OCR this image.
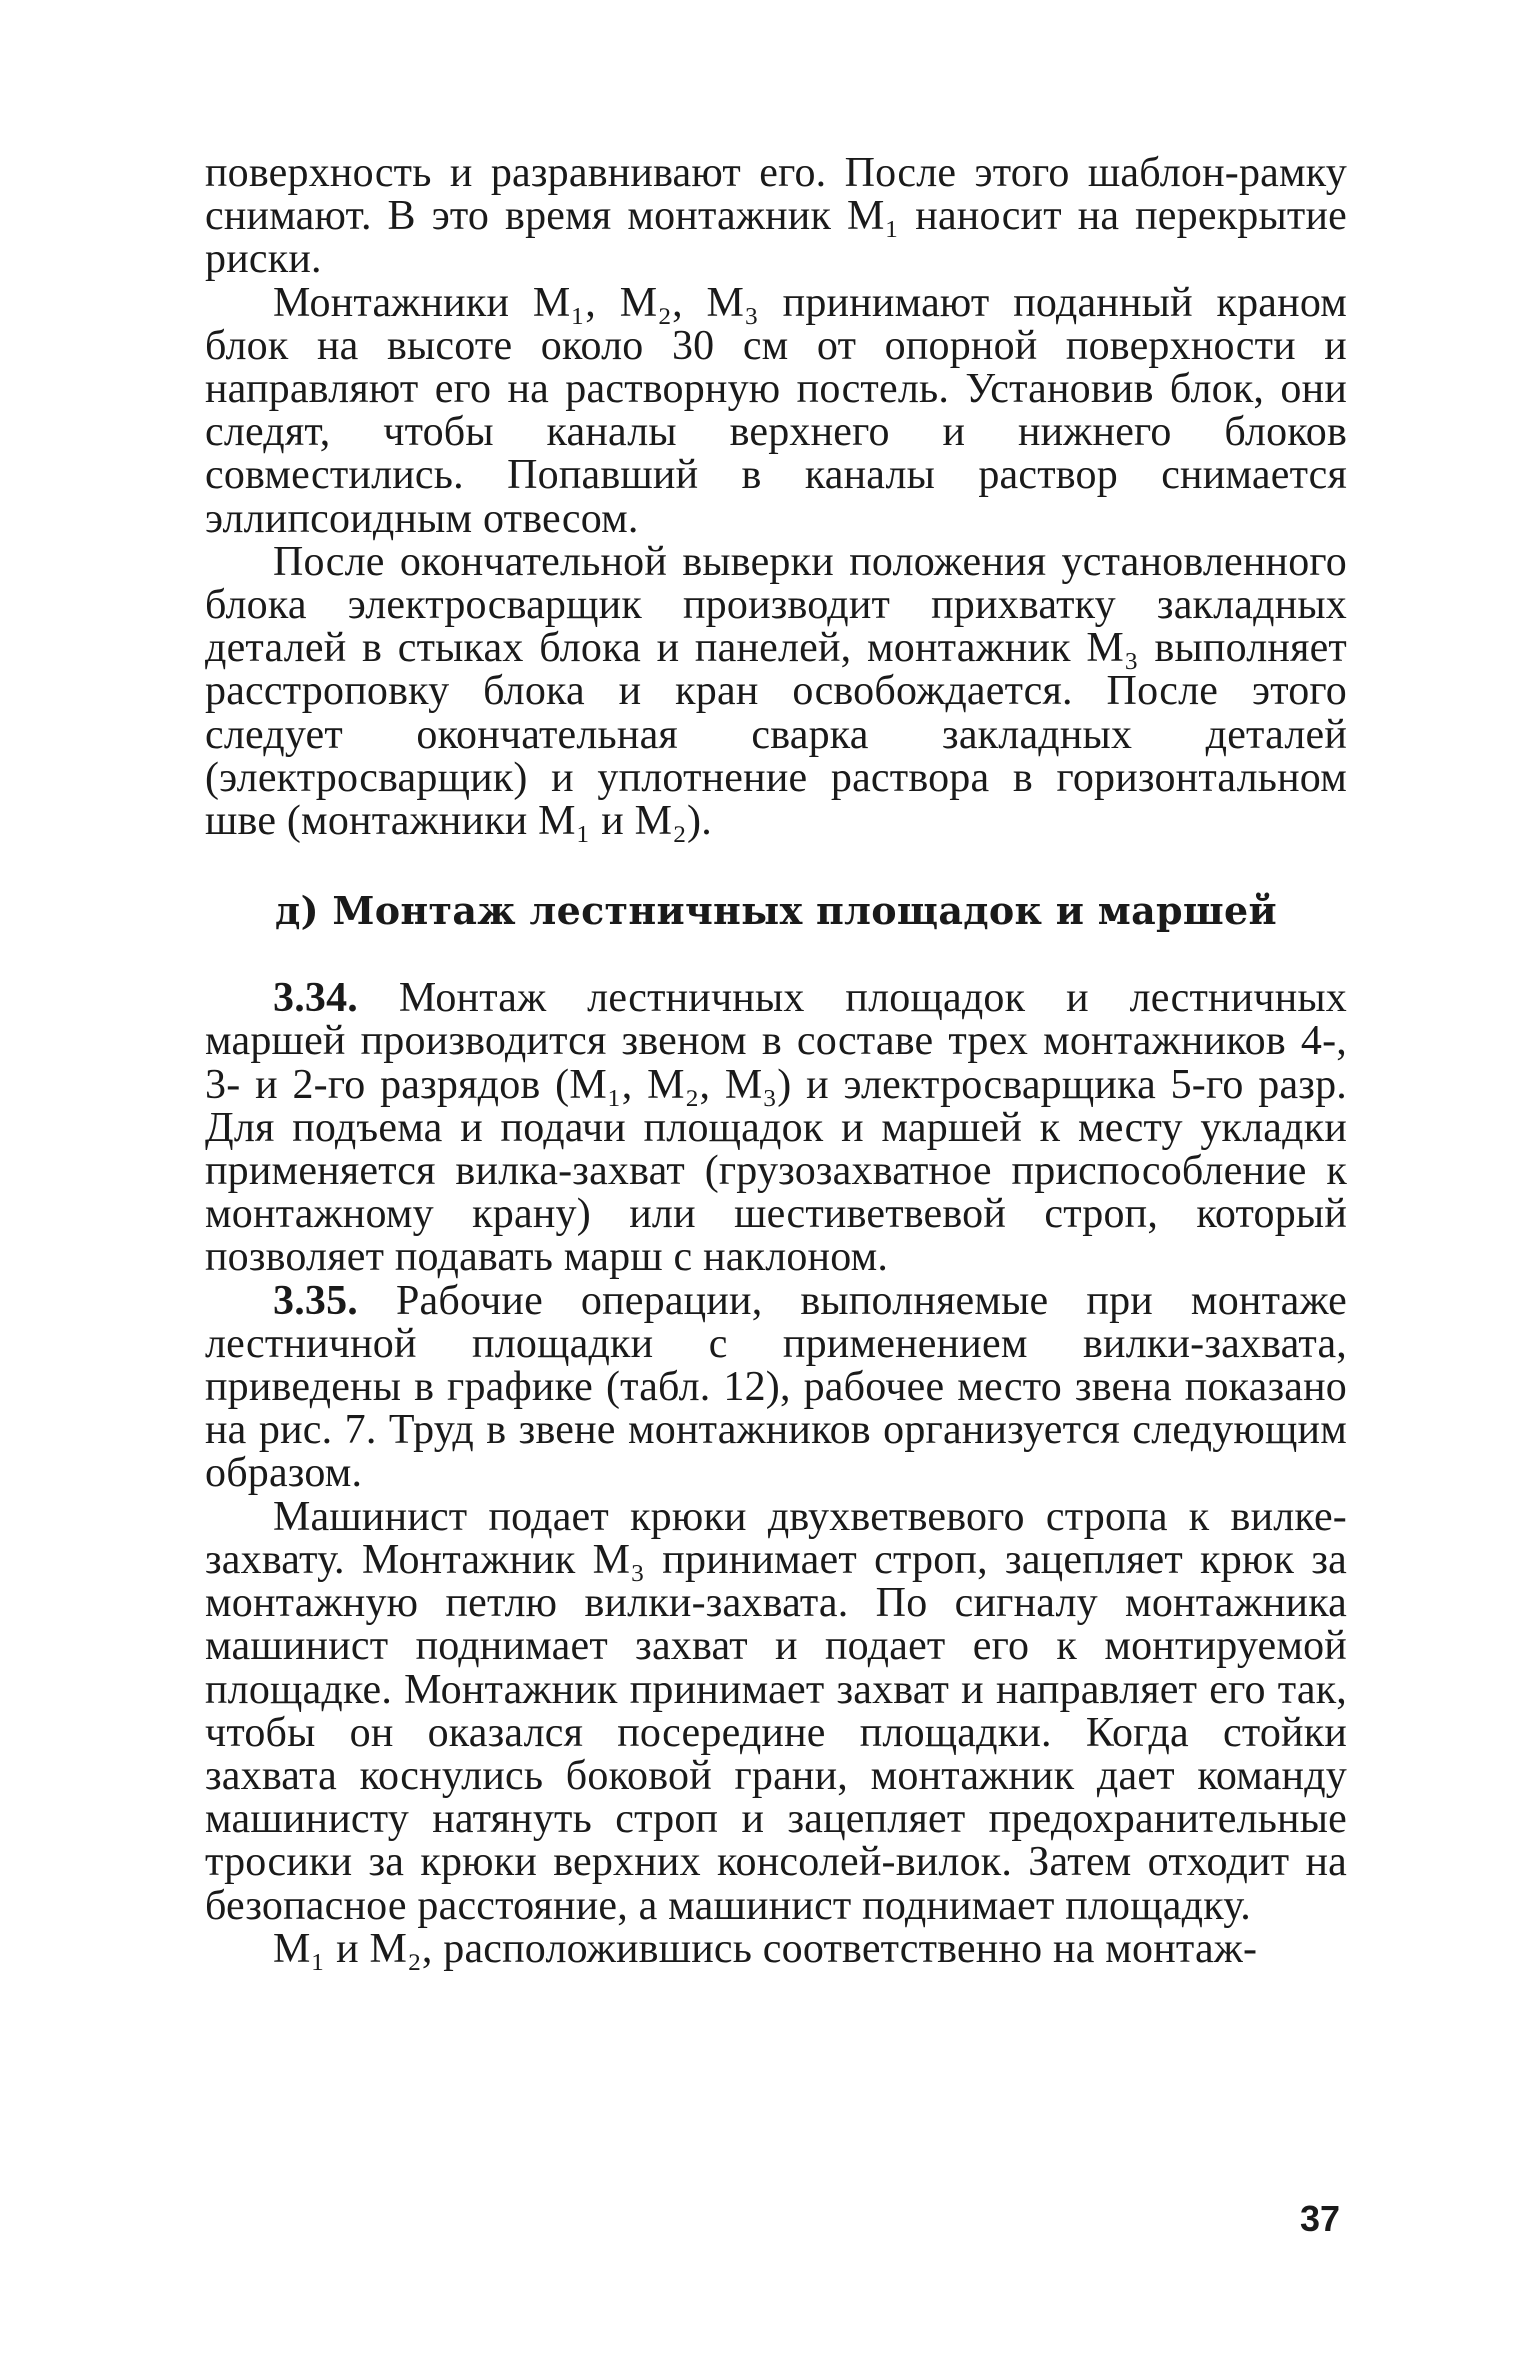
поверхность и разравнивают его. После этого шаблон-рамку снимают. В это время монтажник M₁ наносит на перекрытие риски.

Монтажники M₁, M₂, M₃ принимают поданный краном блок на высоте около 30 см от опорной поверхности и направляют его на растворную постель. Установив блок, они следят, чтобы каналы верхнего и нижнего блоков совместились. Попавший в каналы раствор снимается эллипсоидным отвесом.

После окончательной выверки положения установленного блока электросварщик производит прихватку закладных деталей в стыках блока и панелей, монтажник M₃ выполняет расстроповку блока и кран освобождается. После этого следует окончательная сварка закладных деталей (электросварщик) и уплотнение раствора в горизонтальном шве (монтажники M₁ и M₂).

д) Монтаж лестничных площадок и маршей

3.34. Монтаж лестничных площадок и лестничных маршей производится звеном в составе трех монтажников 4-, 3- и 2-го разрядов (M₁, M₂, M₃) и электросварщика 5-го разр. Для подъема и подачи площадок и маршей к месту укладки применяется вилка-захват (грузозахватное приспособление к монтажному крану) или шестиветвевой строп, который позволяет подавать марш с наклоном.

3.35. Рабочие операции, выполняемые при монтаже лестничной площадки с применением вилки-захвата, приведены в графике (табл. 12), рабочее место звена показано на рис. 7. Труд в звене монтажников организуется следующим образом.

Машинист подает крюки двухветвевого стропа к вилке-захвату. Монтажник M₃ принимает строп, зацепляет крюк за монтажную петлю вилки-захвата. По сигналу монтажника машинист поднимает захват и подает его к монтируемой площадке. Монтажник принимает захват и направляет его так, чтобы он оказался посередине площадки. Когда стойки захвата коснулись боковой грани, монтажник дает команду машинисту натянуть строп и зацепляет предохранительные тросики за крюки верхних консолей-вилок. Затем отходит на безопасное расстояние, а машинист поднимает площадку.

M₁ и M₂, расположившись соответственно на монтаж-

37
